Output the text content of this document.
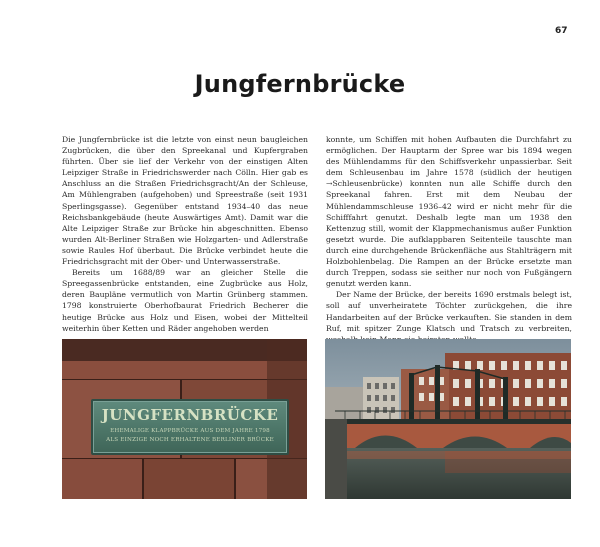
67
Jungfernbrücke

Die Jungfernbrücke ist die letzte von einst neun baugleichen Zugbrücken, die über den Spreekanal und Kupfergraben führten. Über sie lief der Verkehr von der einstigen Alten Leipziger Straße in Friedrichswerder nach Cölln. Hier gab es Anschluss an die Straßen Friedrichsgracht/An der Schleuse, Am Mühlengraben (aufgehoben) und Spreestraße (seit 1931 Sperlingsgasse). Gegenüber entstand 1934–40 das neue Reichsbankgebäude (heute Auswärtiges Amt). Damit war die Alte Leipziger Straße zur Brücke hin abgeschnitten. Ebenso wurden Alt-Berliner Straßen wie Holzgarten- und Adlerstraße sowie Raules Hof überbaut. Die Brücke verbindet heute die Friedrichsgracht mit der Ober- und Unterwasserstraße.

Bereits um 1688/89 war an gleicher Stelle die Spreegassenbrücke entstanden, eine Zugbrücke aus Holz, deren Baupläne vermutlich von Martin Grünberg stammen. 1798 konstruierte Oberhofbaurat Friedrich Becherer die heutige Brücke aus Holz und Eisen, wobei der Mittelteil weiterhin über Ketten und Räder angehoben werden

konnte, um Schiffen mit hohen Aufbauten die Durchfahrt zu ermöglichen. Der Hauptarm der Spree war bis 1894 wegen des Mühlendamms für den Schiffsverkehr unpassierbar. Seit dem Schleusenbau im Jahre 1578 (südlich der heutigen →Schleusenbrücke) konnten nun alle Schiffe durch den Spreekanal fahren. Erst mit dem Neubau der Mühlendammschleuse 1936–42 wird er nicht mehr für die Schifffahrt genutzt. Deshalb legte man um 1938 den Kettenzug still, womit der Klappmechanismus außer Funktion gesetzt wurde. Die aufklappbaren Seitenteile tauschte man durch eine durchgehende Brückenfläche aus Stahlträgern mit Holzbohlenbelag. Die Rampen an der Brücke ersetzte man durch Treppen, sodass sie seither nur noch von Fußgängern genutzt werden kann.

Der Name der Brücke, der bereits 1690 erstmals belegt ist, soll auf unverheiratete Töchter zurückgehen, die ihre Handarbeiten auf der Brücke verkauften. Sie standen in dem Ruf, mit spitzer Zunge Klatsch und Tratsch zu verbreiten,

JUNGFERNBRÜCKE
EHEMALIGE KLAPPBRÜCKE AUS DEM JAHRE 1798
ALS EINZIGE NOCH ERHALTENE BERLINER BRÜCKE
